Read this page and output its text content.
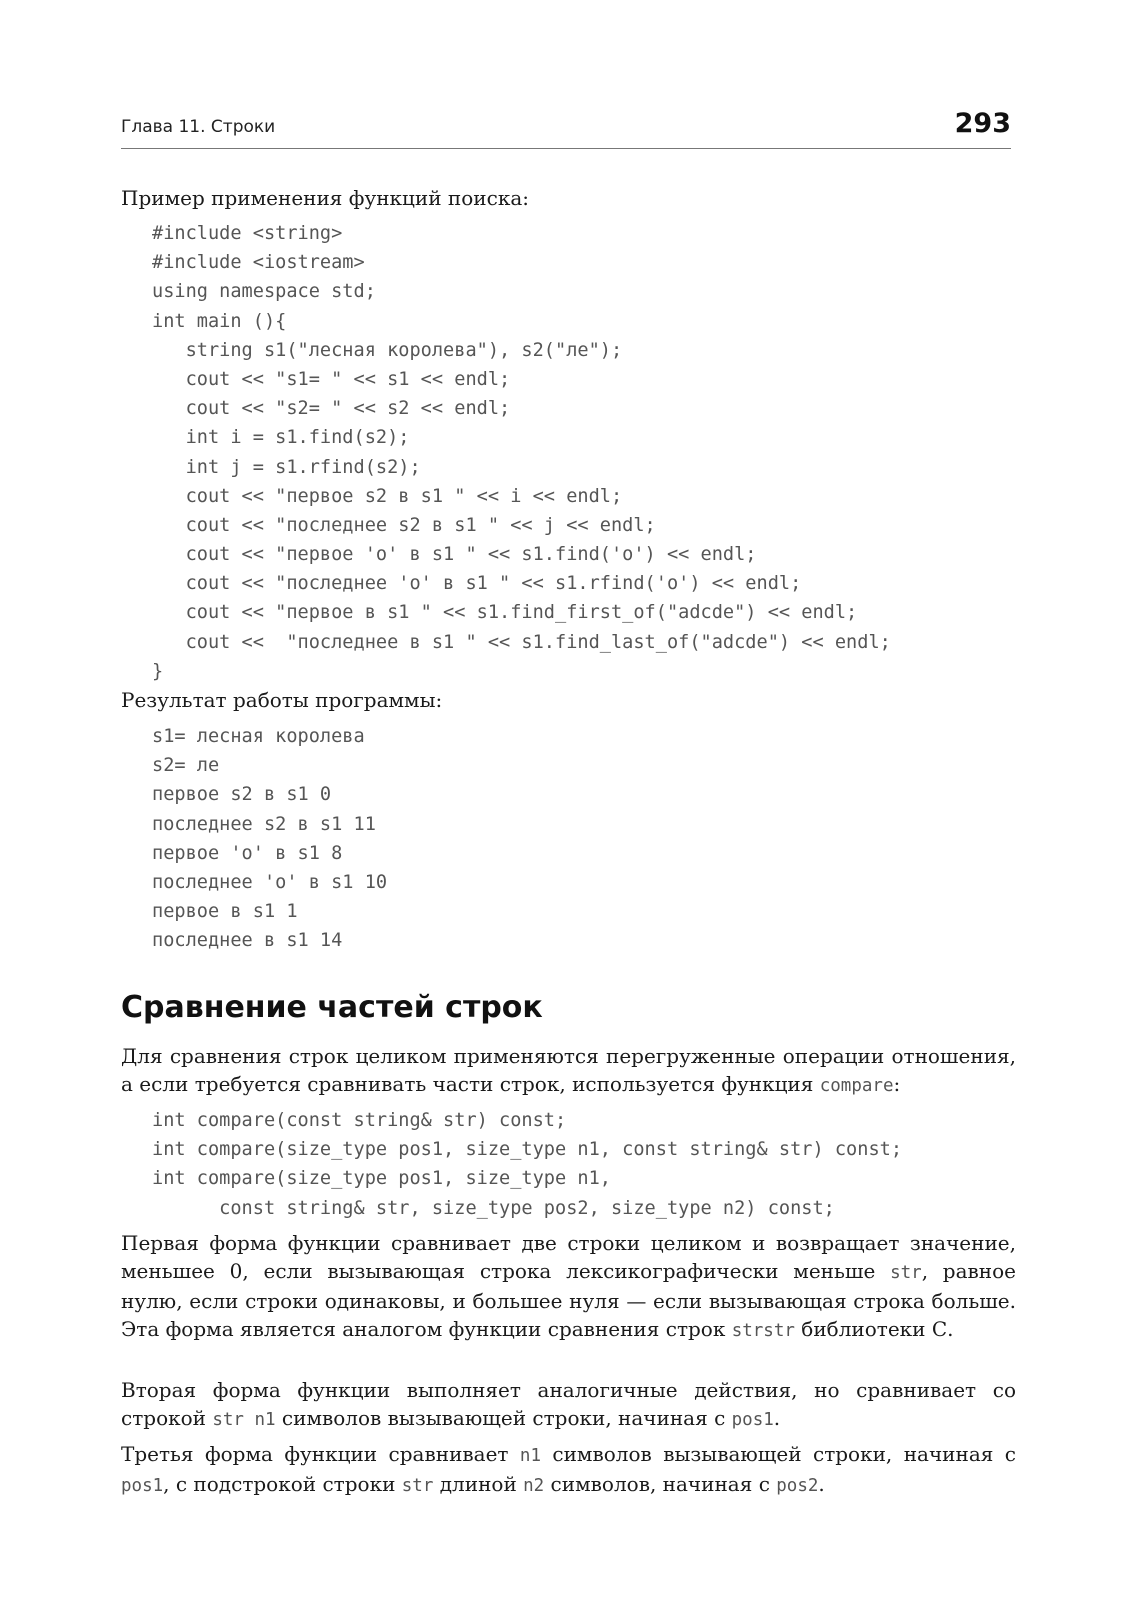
Глава 11. Строки	293

Пример применения функций поиска:

#include <string>
#include <iostream>
using namespace std;
int main (){
string s1("лесная королева"), s2("ле");
cout << "s1= " << s1 << endl;
cout << "s2= " << s2 << endl;
int i = s1.find(s2);
int j = s1.rfind(s2);
cout << "первое s2 в s1 " << i << endl;
cout << "последнее s2 в s1 " << j << endl;
cout << "первое 'o' в s1 " << s1.find('o') << endl;
cout << "последнее 'o' в s1 " << s1.rfind('o') << endl;
cout << "первое в s1 " << s1.find_first_of("adcde") << endl;
cout <<  "последнее в s1 " << s1.find_last_of("adcde") << endl;
}

Результат работы программы:

s1= лесная королева
s2= ле
первое s2 в s1 0
последнее s2 в s1 11
первое 'o' в s1 8
последнее 'o' в s1 10
первое в s1 1
последнее в s1 14
Сравнение частей строк

Для сравнения строк целиком применяются перегруженные операции отношения, а если требуется сравнивать части строк, используется функция compare:

int compare(const string& str) const;
int compare(size_type pos1, size_type n1, const string& str) const;
int compare(size_type pos1, size_type n1,
const string& str, size_type pos2, size_type n2) const;

Первая форма функции сравнивает две строки целиком и возвращает значение, меньшее 0, если вызывающая строка лексикографически меньше str, равное нулю, если строки одинаковы, и большее нуля — если вызывающая строка больше. Эта форма является аналогом функции сравнения строк strstr библиотеки С.

Вторая форма функции выполняет аналогичные действия, но сравнивает со строкой str n1 символов вызывающей строки, начиная с pos1.

Третья форма функции сравнивает n1 символов вызывающей строки, начиная с pos1, с подстрокой строки str длиной n2 символов, начиная с pos2.
